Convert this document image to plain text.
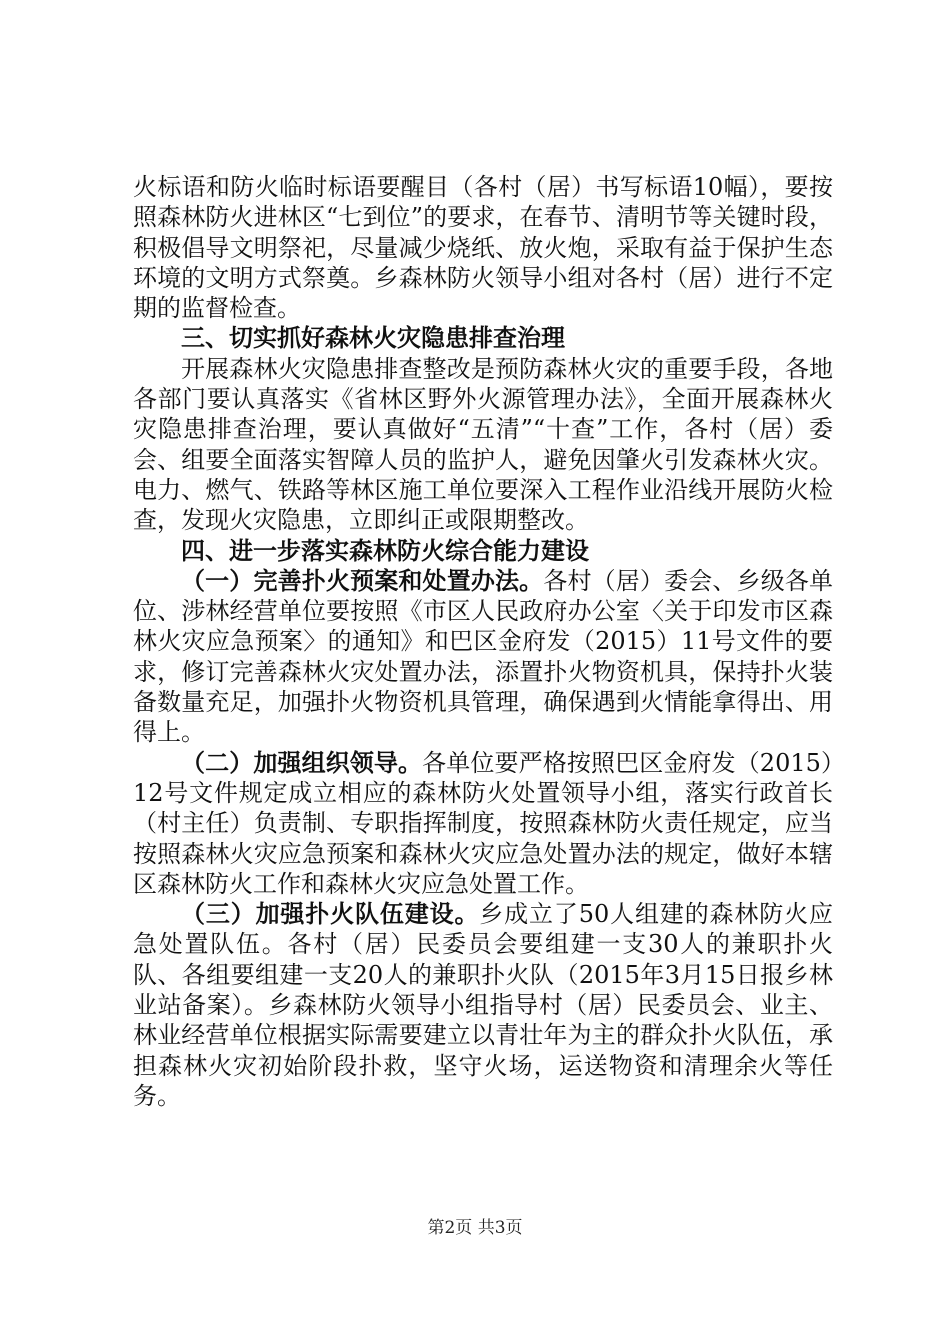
火标语和防火临时标语要醒目（各村（居）书写标语10幅），要按照森林防火进林区“七到位”的要求，在春节、清明节等关键时段，积极倡导文明祭祀，尽量减少烧纸、放火炮，采取有益于保护生态环境的文明方式祭奠。乡森林防火领导小组对各村（居）进行不定期的监督检查。

三、切实抓好森林火灾隐患排查治理

开展森林火灾隐患排查整改是预防森林火灾的重要手段，各地各部门要认真落实《省林区野外火源管理办法》，全面开展森林火灾隐患排查治理，要认真做好“五清”“十查”工作，各村（居）委会、组要全面落实智障人员的监护人，避免因肇火引发森林火灾。电力、燃气、铁路等林区施工单位要深入工程作业沿线开展防火检查，发现火灾隐患，立即纠正或限期整改。

四、进一步落实森林防火综合能力建设

（一）完善扑火预案和处置办法。各村（居）委会、乡级各单位、涉林经营单位要按照《市区人民政府办公室〈关于印发市区森林火灾应急预案〉的通知》和巴区金府发（2015）11号文件的要求，修订完善森林火灾处置办法，添置扑火物资机具，保持扑火装备数量充足，加强扑火物资机具管理，确保遇到火情能拿得出、用得上。

（二）加强组织领导。各单位要严格按照巴区金府发（2015）12号文件规定成立相应的森林防火处置领导小组，落实行政首长（村主任）负责制、专职指挥制度，按照森林防火责任规定，应当按照森林火灾应急预案和森林火灾应急处置办法的规定，做好本辖区森林防火工作和森林火灾应急处置工作。

（三）加强扑火队伍建设。乡成立了50人组建的森林防火应急处置队伍。各村（居）民委员会要组建一支30人的兼职扑火队、各组要组建一支20人的兼职扑火队（2015年3月15日报乡林业站备案）。乡森林防火领导小组指导村（居）民委员会、业主、林业经营单位根据实际需要建立以青壮年为主的群众扑火队伍，承担森林火灾初始阶段扑救，坚守火场，运送物资和清理余火等任务。

第2页 共3页
